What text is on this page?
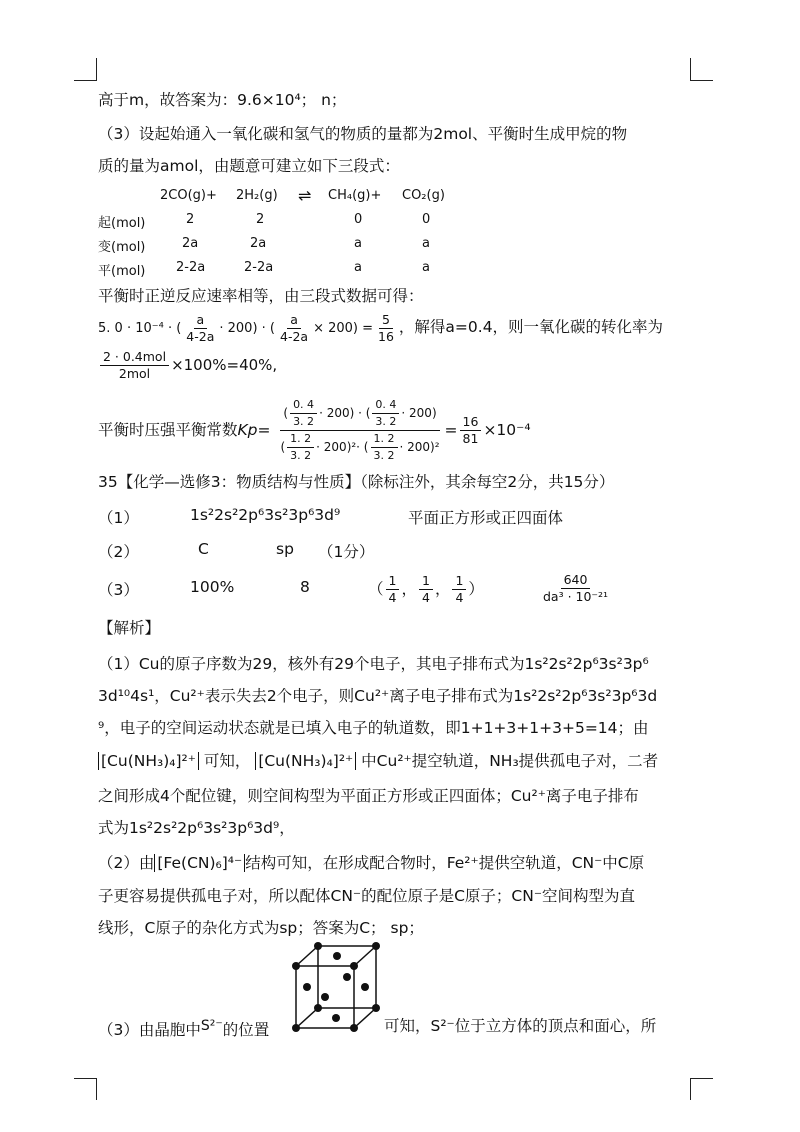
高于m，故答案为：9.6×10⁴； n；
（3）设起始通入一氧化碳和氢气的物质的量都为2mol、平衡时生成甲烷的物
质的量为amol，由题意可建立如下三段式：
2CO(g)+ 2H₂(g) ⇌ CH₄(g)+ CO₂(g)
起(mol)	2	2	0	0
变(mol)	2a	2a	a	a
平(mol) 2-2a	2-2a	a	a
平衡时正逆反应速率相等，由三段式数据可得：
5. 0 · 10⁻⁴ · ( $\frac{a}{4-2a} \cdot 200$) · ( $\frac{a}{4-2a} \times 200) = \frac{5}{16}$ ，解得a=0.4，则一氧化碳的转化率为
$\frac{\text{2 · 0.4mol}}{\text{2mol}} \times 100\%=40\%$,
平衡时压强平衡常数$Kp= \frac{( \frac{0. 4}{3. 2} \cdot 200) \cdot ( \frac{0. 4}{3. 2} \cdot 200)}{( \frac{1. 2}{3. 2} \cdot 200)^2\cdot ( \frac{1. 2}{3. 2} \cdot 200)^2} = \frac{16}{81} \times 10^{-4}$
35【化学—选修3：物质结构与性质】（除标注外，其余每空2分，共15分）
（1）	1s²2s²2p⁶3s²3p⁶3d⁹	平面正方形或正四面体
（2）	C	sp （1分）
（3）	100%	8	（ $\frac{1}{4}$ ， $\frac{1}{4}$ ， $\frac{1}{4}$ ）	$\frac{640}{\text{da³ · 10⁻²¹}}$
【解析】
（1）Cu的原子序数为29，核外有29个电子，其电子排布式为1s²2s²2p⁶3s²3p⁶
3d¹⁰4s¹，Cu²⁺表示失去2个电子，则Cu²⁺离子电子排布式为1s²2s²2p⁶3s²3p⁶3d
⁹，电子的空间运动状态就是已填入电子的轨道数，即1+1+3+1+3+5=14；由
[Cu(NH₃)₄]²⁺ 可知， [Cu(NH₃)₄]²⁺ 中Cu²⁺提空轨道，NH₃提供孤电子对，二者
之间形成4个配位键，则空间构型为平面正方形或正四面体；Cu²⁺离子电子排布
式为1s²2s²2p⁶3s²3p⁶3d⁹，
（2）由 [Fe(CN)₆]⁴⁻ 结构可知，在形成配合物时，Fe²⁺提供空轨道，CN⁻中C原
子更容易提供孤电子对，所以配体CN⁻的配位原子是C原子；CN⁻空间构型为直
线形，C原子的杂化方式为sp；答案为C； sp；
（3）由晶胞中S²⁻的位置	可知，S²⁻位于立方体的顶点和面心，所
